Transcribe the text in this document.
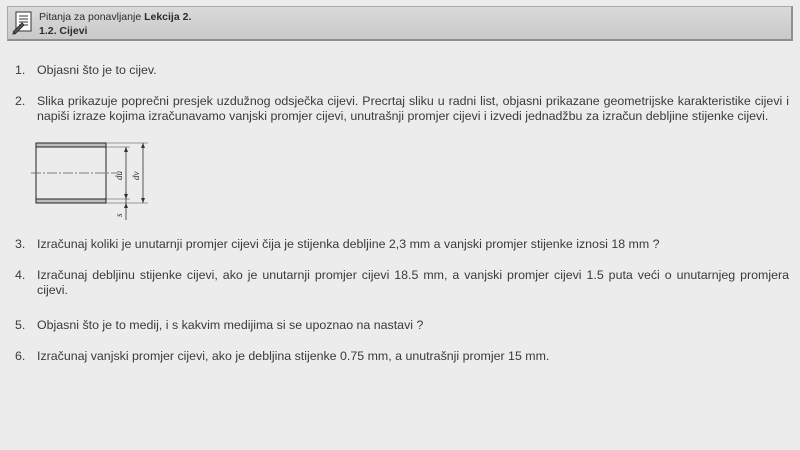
Pitanja za ponavljanje Lekcija 2.
1.2. Cijevi
1. Objasni što je to cijev.
2. Slika prikazuje poprečni presjek uzdužnog odsječka cijevi. Precrtaj sliku u radni list, objasni prikazane geometrijske karakteristike cijevi i napiši izraze kojima izračunavamo vanjski promjer cijevi, unutrašnji promjer cijevi i izvedi jednadžbu za izračun debljine stijenke cijevi.
3. Izračunaj koliki je unutarnji promjer cijevi čija je stijenka debljine 2,3 mm a vanjski promjer stijenke iznosi 18 mm ?
4. Izračunaj debljinu stijenke cijevi, ako je unutarnji promjer cijevi 18.5 mm, a vanjski promjer cijevi 1.5 puta veći o unutarnjeg promjera cijevi.
5. Objasni što je to medij, i s kakvim medijima si se upoznao na nastavi ?
6. Izračunaj vanjski promjer cijevi, ako je debljina stijenke 0.75 mm, a unutrašnji promjer 15 mm.
du dv
s
